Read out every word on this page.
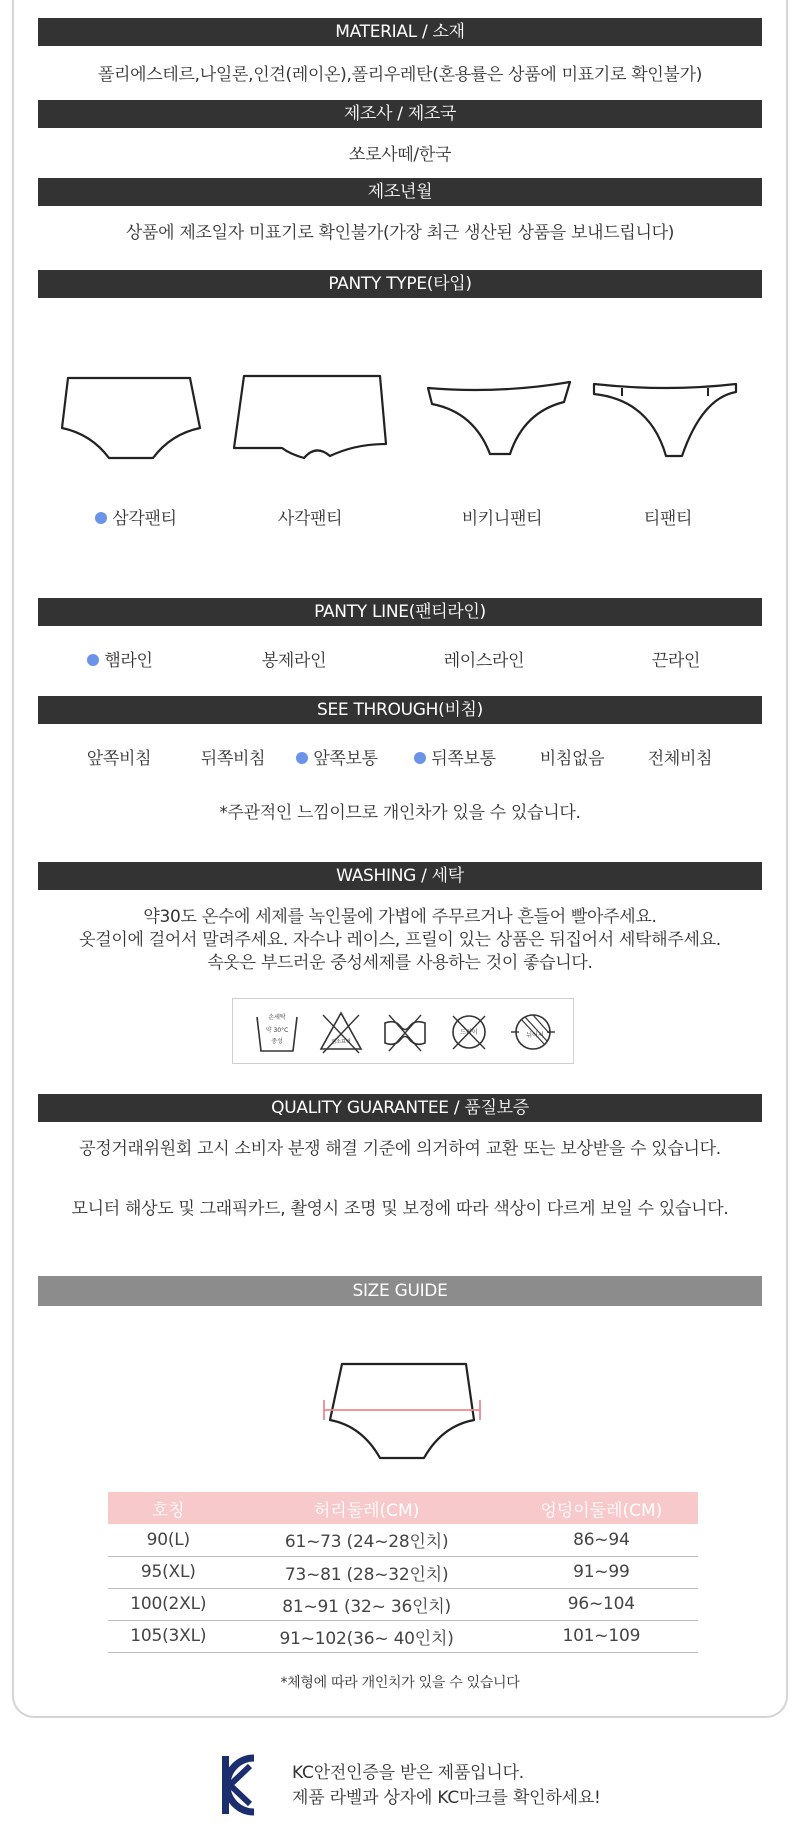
MATERIAL / 소재
폴리에스테르,나일론,인견(레이온),폴리우레탄(혼용률은 상품에 미표기로 확인불가)
제조사 / 제조국
쏘로사떼/한국
제조년월
상품에 제조일자 미표기로 확인불가(가장 최근 생산된 상품을 보내드립니다)
PANTY TYPE(타입)
삼각팬티	사각팬티	비키니팬티	티팬티
PANTY LINE(팬티라인)
햄라인	봉제라인	레이스라인	끈라인
SEE THROUGH(비침)
앞쪽비침	뒤쪽비침	앞쪽보통	뒤쪽보통	비침없음	전체비침
*주관적인 느낌이므로 개인차가 있을 수 있습니다.
WASHING / 세탁
약30도 온수에 세제를 녹인물에 가볍에 주무르거나 흔들어 빨아주세요.
옷걸이에 걸어서 말려주세요. 자수나 레이스, 프릴이 있는 상품은 뒤집어서 세탁해주세요.
속옷은 부드러운 중성세제를 사용하는 것이 좋습니다.
손세탁
약 30°C
중성	염소표백
드라이	뉘어서
QUALITY GUARANTEE / 품질보증
공정거래위원회 고시 소비자 분쟁 해결 기준에 의거하여 교환 또는 보상받을 수 있습니다.
모니터 해상도 및 그래픽카드, 촬영시 조명 및 보정에 따라 색상이 다르게 보일 수 있습니다.
SIZE GUIDE
호칭	허리둘레(CM)	엉덩이둘레(CM)
90(L)	61~73 (24~28인치)	86~94
95(XL)	73~81 (28~32인치)	91~99
100(2XL)	81~91 (32~ 36인치)	96~104
105(3XL)	91~102(36~ 40인치)	101~109
*체형에 따라 개인치가 있을 수 있습니다
KC
KC안전인증을 받은 제품입니다.
제품 라벨과 상자에 KC마크를 확인하세요!
